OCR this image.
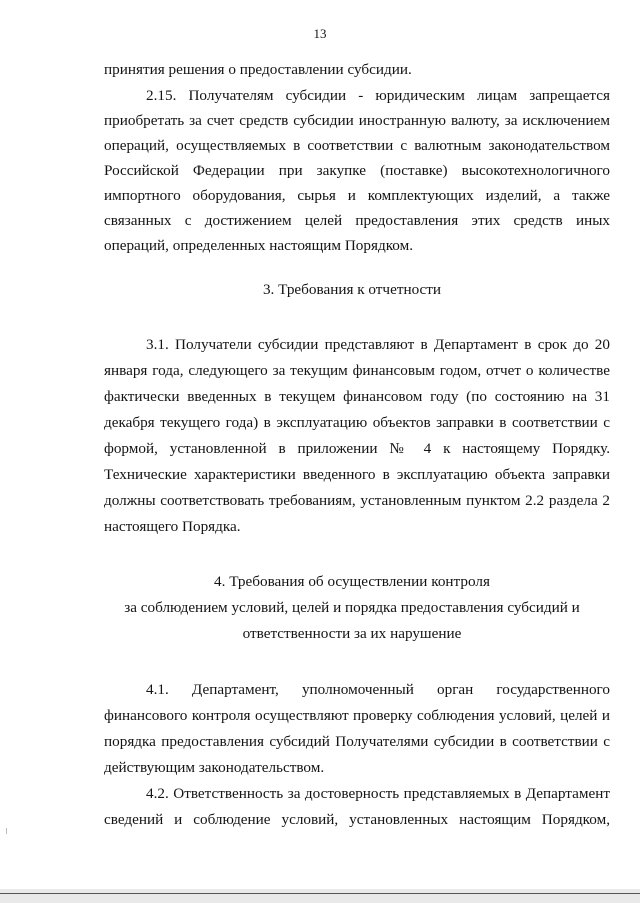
13
принятия решения о предоставлении субсидии.
2.15. Получателям субсидии - юридическим лицам запрещается
приобретать за счет средств субсидии иностранную валюту, за исключением
операций, осуществляемых в соответствии с валютным законодательством
Российской Федерации при закупке (поставке) высокотехнологичного
импортного оборудования, сырья и комплектующих изделий, а также
связанных с достижением целей предоставления этих средств иных
операций, определенных настоящим Порядком.
3. Требования к отчетности
3.1. Получатели субсидии представляют в Департамент в срок до 20
января года, следующего за текущим финансовым годом, отчет о количестве
фактически введенных в текущем финансовом году (по состоянию на 31
декабря текущего года) в эксплуатацию объектов заправки в соответствии с
формой, установленной в приложении № 4 к настоящему Порядку.
Технические характеристики введенного в эксплуатацию объекта заправки
должны соответствовать требованиям, установленным пунктом 2.2 раздела 2
настоящего Порядка.
4. Требования об осуществлении контроля
за соблюдением условий, целей и порядка предоставления субсидий и
ответственности за их нарушение
4.1. Департамент, уполномоченный орган государственного
финансового контроля осуществляют проверку соблюдения условий, целей и
порядка предоставления субсидий Получателями субсидии в соответствии с
действующим законодательством.
4.2. Ответственность за достоверность представляемых в Департамент
сведений и соблюдение условий, установленных настоящим Порядком,
